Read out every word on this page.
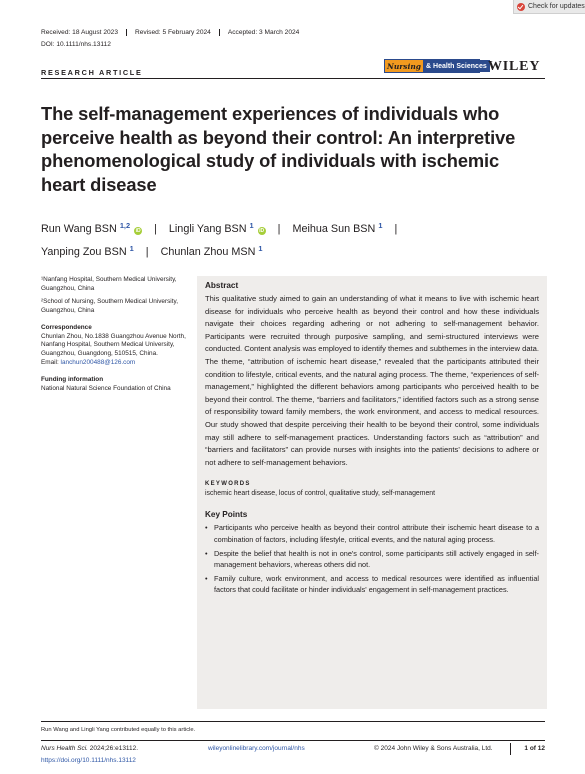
Check for updates
Received: 18 August 2023	Revised: 5 February 2024	Accepted: 3 March 2024
DOI: 10.1111/nhs.13112
RESEARCH ARTICLE
Nursing & Health Sciences WILEY
The self-management experiences of individuals who perceive health as beyond their control: An interpretive phenomenological study of individuals with ischemic heart disease
Run Wang BSN $^{1,2}$ iD | Lingli Yang BSN $^1$ iD | Meihua Sun BSN $^1$ |
Yanping Zou BSN $^1$ | Chunlan Zhou MSN $^1$

¹Nanfang Hospital, Southern Medical University, Guangzhou, China

²School of Nursing, Southern Medical University, Guangzhou, China

Correspondence

Chunlan Zhou, No.1838 Guangzhou Avenue North, Nanfang Hospital, Southern Medical University, Guangzhou, Guangdong, 510515, China.
Email: lanchun200488@126.com

Funding information

National Natural Science Foundation of China

Abstract

This qualitative study aimed to gain an understanding of what it means to live with ischemic heart disease for individuals who perceive health as beyond their control and how these individuals navigate their choices regarding adhering or not adhering to self-management behavior. Participants were recruited through purposive sampling, and semi-structured interviews were conducted. Content analysis was employed to identify themes and subthemes in the interview data. The theme, “attribution of ischemic heart disease,” revealed that the participants attributed their condition to lifestyle, critical events, and the natural aging process. The theme, “experiences of self-management,” highlighted the different behaviors among participants who perceived health to be beyond their control. The theme, “barriers and facilitators,” identified factors such as a strong sense of responsibility toward family members, the work environment, and access to medical resources. Our study showed that despite perceiving their health to be beyond their control, some individuals may still adhere to self-management practices. Understanding factors such as “attribution” and “barriers and facilitators” can provide nurses with insights into the patients' decisions to adhere or not adhere to self-management behaviors.

KEYWORDS
ischemic heart disease, locus of control, qualitative study, self-management
Key Points
• Participants who perceive health as beyond their control attribute their ischemic heart disease to a combination of factors, including lifestyle, critical events, and the natural aging process.
• Despite the belief that health is not in one's control, some participants still actively engaged in self-management behaviors, whereas others did not.
• Family culture, work environment, and access to medical resources were identified as influential factors that could facilitate or hinder individuals' engagement in self-management practices.
Run Wang and Lingli Yang contributed equally to this article.
Nurs Health Sci. 2024;26:e13112.
https://doi.org/10.1111/nhs.13112
wileyonlinelibrary.com/journal/nhs	© 2024 John Wiley & Sons Australia, Ltd.	1 of 12
